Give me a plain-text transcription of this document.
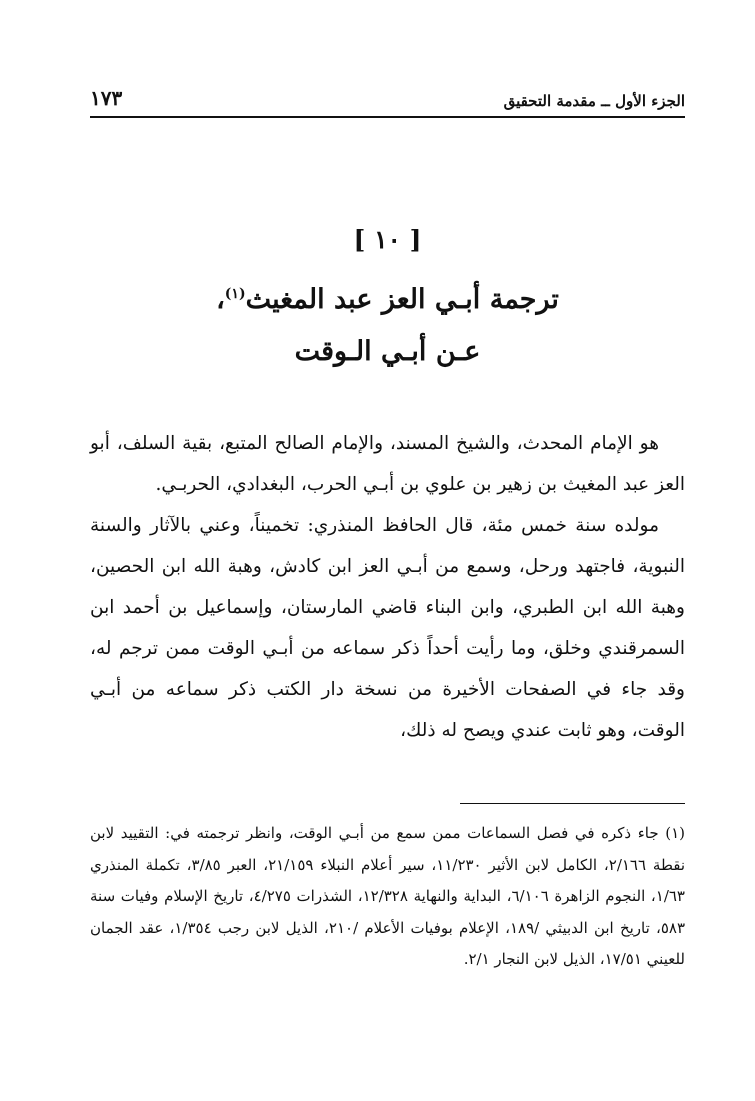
الجزء الأول ــ مقدمة التحقيق
١٧٣
[ ١٠ ]
ترجمة أبـي العز عبد المغيث$^{(١)}$،
عـن أبـي الـوقت

هو الإمام المحدث، والشيخ المسند، والإمام الصالح المتبع، بقية السلف، أبو العز عبد المغيث بن زهير بن علوي بن أبـي الحرب، البغدادي، الحربـي.

مولده سنة خمس مئة، قال الحافظ المنذري: تخميناً، وعني بالآثار والسنة النبوية، فاجتهد ورحل، وسمع من أبـي العز ابن كادش، وهبة الله ابن الحصين، وهبة الله ابن الطبري، وابن البناء قاضي المارستان، وإسماعيل بن أحمد ابن السمرقندي وخلق، وما رأيت أحداً ذكر سماعه من أبـي الوقت ممن ترجم له، وقد جاء في الصفحات الأخيرة من نسخة دار الكتب ذكر سماعه من أبـي الوقت، وهو ثابت عندي ويصح له ذلك،

(١) جاء ذكره في فصل السماعات ممن سمع من أبـي الوقت، وانظر ترجمته في: التقييد لابن نقطة ٢/١٦٦، الكامل لابن الأثير ١١/٢٣٠، سير أعلام النبلاء ٢١/١٥٩، العبر ٣/٨٥، تكملة المنذري ١/٦٣، النجوم الزاهرة ٦/١٠٦، البداية والنهاية ١٢/٣٢٨، الشذرات ٤/٢٧٥، تاريخ الإسلام وفيات سنة ٥٨٣، تاريخ ابن الدبيثي /١٨٩، الإعلام بوفيات الأعلام /٢١٠، الذيل لابن رجب ١/٣٥٤، عقد الجمان للعيني ١٧/٥١، الذيل لابن النجار ٢/١.
